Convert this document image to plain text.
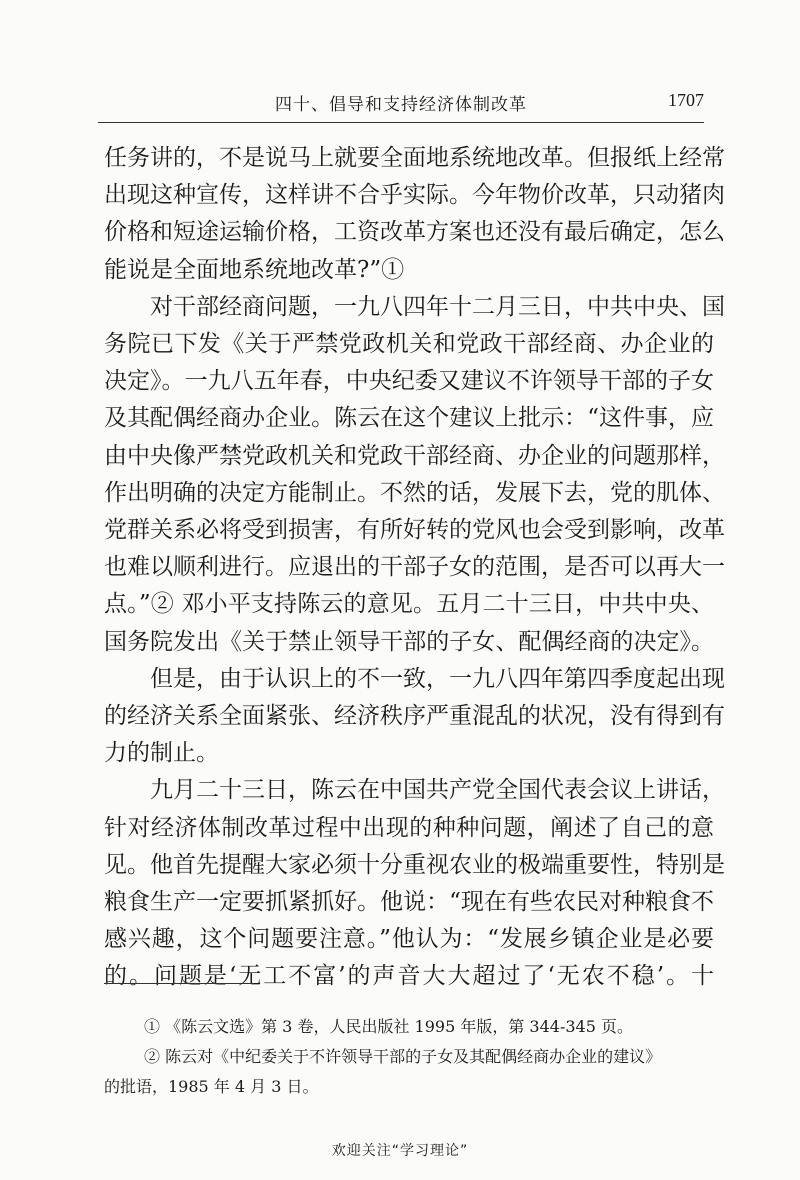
四十、倡导和支持经济体制改革	1707

任务讲的，不是说马上就要全面地系统地改革。但报纸上经常
出现这种宣传，这样讲不合乎实际。今年物价改革，只动猪肉
价格和短途运输价格，工资改革方案也还没有最后确定，怎么
能说是全面地系统地改革?”①

对干部经商问题，一九八四年十二月三日，中共中央、国
务院已下发《关于严禁党政机关和党政干部经商、办企业的
决定》。一九八五年春，中央纪委又建议不许领导干部的子女
及其配偶经商办企业。陈云在这个建议上批示：“这件事，应
由中央像严禁党政机关和党政干部经商、办企业的问题那样，
作出明确的决定方能制止。不然的话，发展下去，党的肌体、
党群关系必将受到损害，有所好转的党风也会受到影响，改革
也难以顺利进行。应退出的干部子女的范围，是否可以再大一
点。”② 邓小平支持陈云的意见。五月二十三日，中共中央、
国务院发出《关于禁止领导干部的子女、配偶经商的决定》。

但是，由于认识上的不一致，一九八四年第四季度起出现
的经济关系全面紧张、经济秩序严重混乱的状况，没有得到有
力的制止。

九月二十三日，陈云在中国共产党全国代表会议上讲话，
针对经济体制改革过程中出现的种种问题，阐述了自己的意
见。他首先提醒大家必须十分重视农业的极端重要性，特别是
粮食生产一定要抓紧抓好。他说：“现在有些农民对种粮食不
感兴趣，这个问题要注意。”他认为：“发展乡镇企业是必要
的。问题是‘无工不富’的声音大大超过了‘无农不稳’。十

① 《陈云文选》第 3 卷，人民出版社 1995 年版，第 344-345 页。

② 陈云对《中纪委关于不许领导干部的子女及其配偶经商办企业的建议》

的批语，1985 年 4 月 3 日。

欢迎关注“学习理论”
